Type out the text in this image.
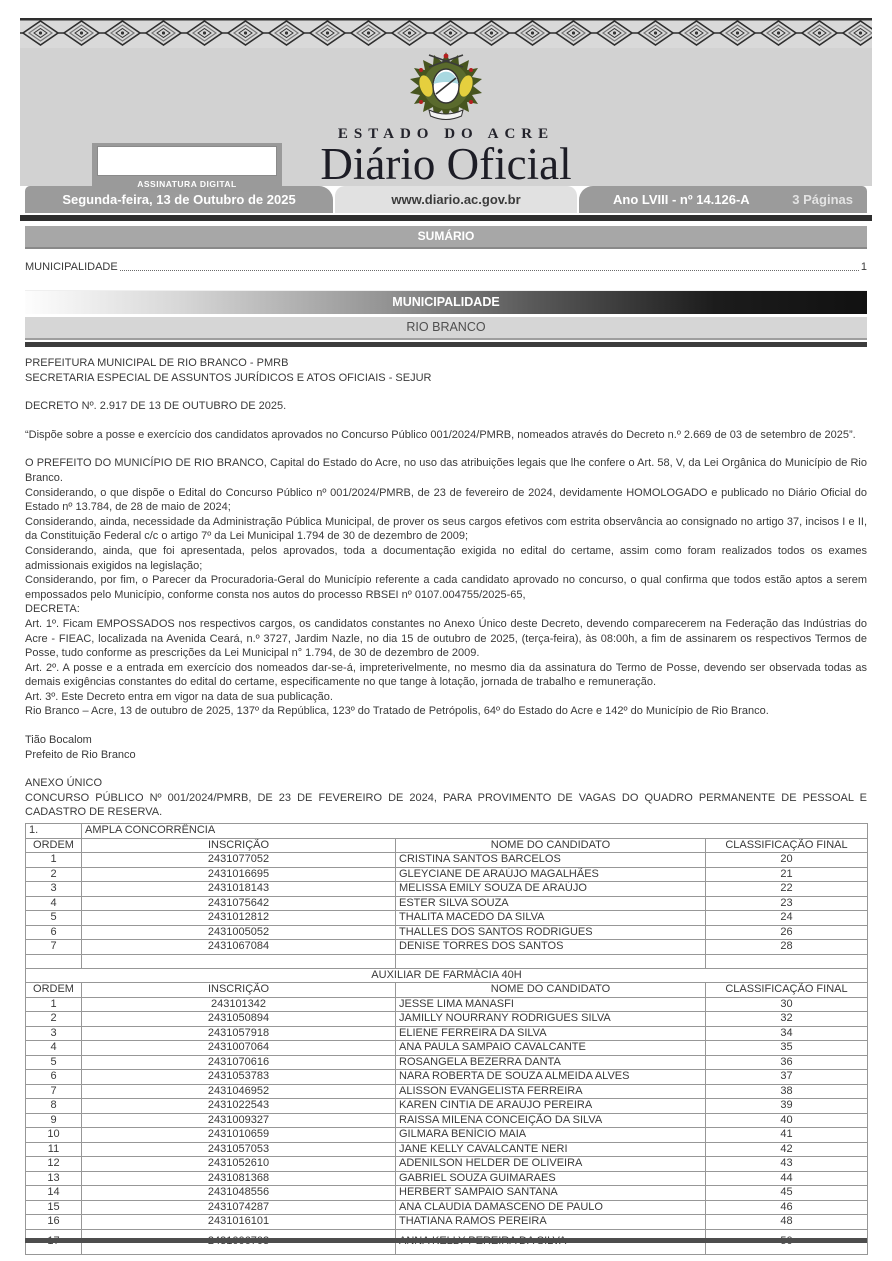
ESTADO DO ACRE
Diário Oficial
ASSINATURA DIGITAL
Segunda-feira, 13 de Outubro de 2025	www.diario.ac.gov.br	Ano LVIII - nº 14.126-A	3 Páginas
SUMÁRIO
MUNICIPALIDADE	1
MUNICIPALIDADE
RIO BRANCO

PREFEITURA MUNICIPAL DE RIO BRANCO - PMRB

SECRETARIA ESPECIAL DE ASSUNTOS JURÍDICOS E ATOS OFICIAIS - SEJUR

DECRETO Nº. 2.917 DE 13 DE OUTUBRO DE 2025.

“Dispõe sobre a posse e exercício dos candidatos aprovados no Concurso Público 001/2024/PMRB, nomeados através do Decreto n.º 2.669 de 03 de setembro de 2025”.

O PREFEITO DO MUNICÍPIO DE RIO BRANCO, Capital do Estado do Acre, no uso das atribuições legais que lhe confere o Art. 58, V, da Lei Orgânica do Município de Rio Branco.

Considerando, o que dispõe o Edital do Concurso Público nº 001/2024/PMRB, de 23 de fevereiro de 2024, devidamente HOMOLOGADO e publicado no Diário Oficial do Estado nº 13.784, de 28 de maio de 2024;

Considerando, ainda, necessidade da Administração Pública Municipal, de prover os seus cargos efetivos com estrita observância ao consignado no artigo 37, incisos I e II, da Constituição Federal c/c o artigo 7º da Lei Municipal 1.794 de 30 de dezembro de 2009;

Considerando, ainda, que foi apresentada, pelos aprovados, toda a documentação exigida no edital do certame, assim como foram realizados todos os exames admissionais exigidos na legislação;

Considerando, por fim, o Parecer da Procuradoria-Geral do Município referente a cada candidato aprovado no concurso, o qual confirma que todos estão aptos a serem empossados pelo Município, conforme consta nos autos do processo RBSEI nº 0107.004755/2025-65,

DECRETA:

Art. 1º. Ficam EMPOSSADOS nos respectivos cargos, os candidatos constantes no Anexo Único deste Decreto, devendo comparecerem na Federação das Indústrias do Acre - FIEAC, localizada na Avenida Ceará, n.º 3727, Jardim Nazle, no dia 15 de outubro de 2025, (terça-feira), às 08:00h, a fim de assinarem os respectivos Termos de Posse, tudo conforme as prescrições da Lei Municipal n° 1.794, de 30 de dezembro de 2009.

Art. 2º. A posse e a entrada em exercício dos nomeados dar-se-á, impreterivelmente, no mesmo dia da assinatura do Termo de Posse, devendo ser observada todas as demais exigências constantes do edital do certame, especificamente no que tange à lotação, jornada de trabalho e remuneração.

Art. 3º. Este Decreto entra em vigor na data de sua publicação.

Rio Branco – Acre, 13 de outubro de 2025, 137º da República, 123º do Tratado de Petrópolis, 64º do Estado do Acre e 142º do Município de Rio Branco.

Tião Bocalom

Prefeito de Rio Branco

ANEXO ÚNICO

CONCURSO PÚBLICO Nº 001/2024/PMRB, DE 23 DE FEVEREIRO DE 2024, PARA PROVIMENTO DE VAGAS DO QUADRO PERMANENTE DE PESSOAL E CADASTRO DE RESERVA.

1.	AMPLA CONCORRÊNCIA		
ORDEM	INSCRIÇÃO	NOME DO CANDIDATO	CLASSIFICAÇÃO FINAL
1	2431077052	CRISTINA SANTOS BARCELOS	20
2	2431016695	GLEYCIANE DE ARAÚJO MAGALHÃES	21
3	2431018143	MELISSA EMILY SOUZA DE ARAÚJO	22
4	2431075642	ESTER SILVA SOUZA	23
5	2431012812	THALITA MACEDO DA SILVA	24
6	2431005052	THALLES DOS SANTOS RODRIGUES	26
7	2431067084	DENISE TORRES DOS SANTOS	28

AUXILIAR DE FARMÁCIA 40H			
ORDEM	INSCRIÇÃO	NOME DO CANDIDATO	CLASSIFICAÇÃO FINAL
1	243101342	JESSE LIMA MANASFI	30
2	2431050894	JAMILLY NOURRANY RODRIGUES SILVA	32
3	2431057918	ELIENE FERREIRA DA SILVA	34
4	2431007064	ANA PAULA SAMPAIO CAVALCANTE	35
5	2431070616	ROSANGELA BEZERRA DANTA	36
6	2431053783	NARA ROBERTA DE SOUZA ALMEIDA ALVES	37
7	2431046952	ALISSON EVANGELISTA FERREIRA	38
8	2431022543	KAREN CINTIA DE ARAÚJO PEREIRA	39
9	2431009327	RAISSA MILENA CONCEIÇÃO DA SILVA	40
10	2431010659	GILMARA BENÍCIO MAIA	41
11	2431057053	JANE KELLY CAVALCANTE NERI	42
12	2431052610	ADENILSON HELDER DE OLIVEIRA	43
13	2431081368	GABRIEL SOUZA GUIMARAES	44
14	2431048556	HERBERT SAMPAIO SANTANA	45
15	2431074287	ANA CLAUDIA DAMASCENO DE PAULO	46
16	2431016101	THATIANA RAMOS PEREIRA	48
